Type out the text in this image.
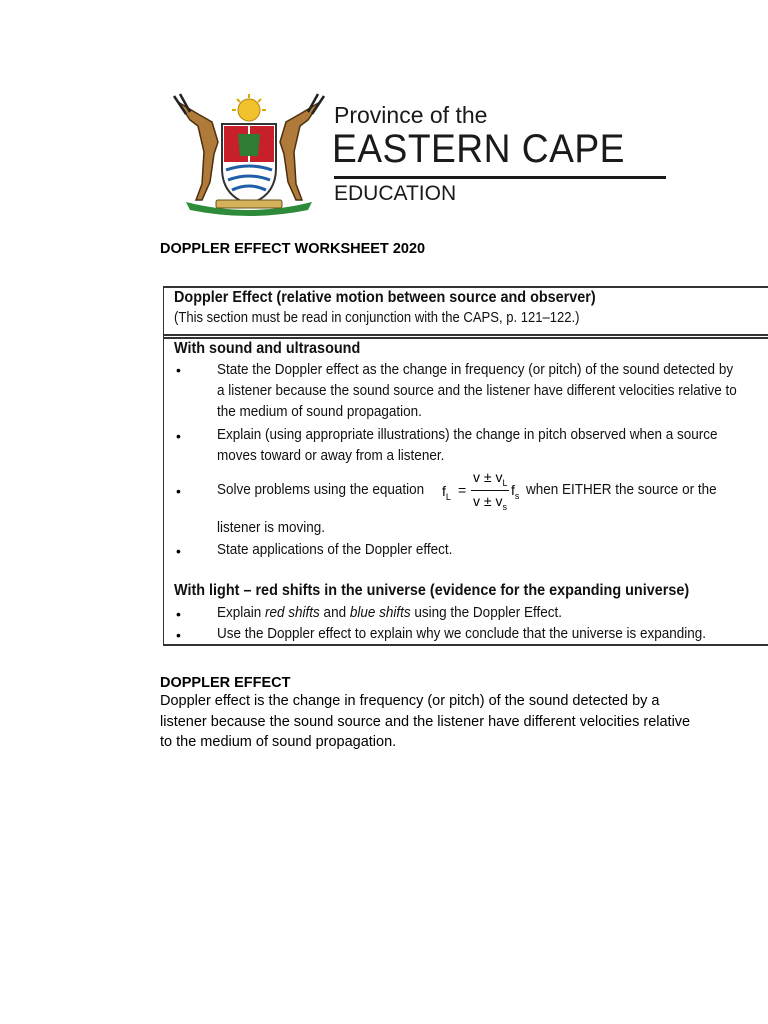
Province of the
EASTERN CAPE
EDUCATION
DOPPLER EFFECT WORKSHEET 2020
Doppler Effect (relative motion between source and observer)
(This section must be read in conjunction with the CAPS, p. 121–122.)
With sound and ultrasound
• State the Doppler effect as the change in frequency (or pitch) of the sound detected by
a listener because the sound source and the listener have different velocities relative to
the medium of sound propagation.
• Explain (using appropriate illustrations) the change in pitch observed when a source
moves toward or away from a listener.
• Solve problems using the equation $f_L$ =
$v \pm v_L$
$v \pm v_s$
$f_s$ when EITHER the source or the
listener is moving.
• State applications of the Doppler effect.
With light – red shifts in the universe (evidence for the expanding universe)
• Explain red shifts and blue shifts using the Doppler Effect.
• Use the Doppler effect to explain why we conclude that the universe is expanding.
DOPPLER EFFECT
Doppler effect is the change in frequency (or pitch) of the sound detected by a
listener because the sound source and the listener have different velocities relative
to the medium of sound propagation.
